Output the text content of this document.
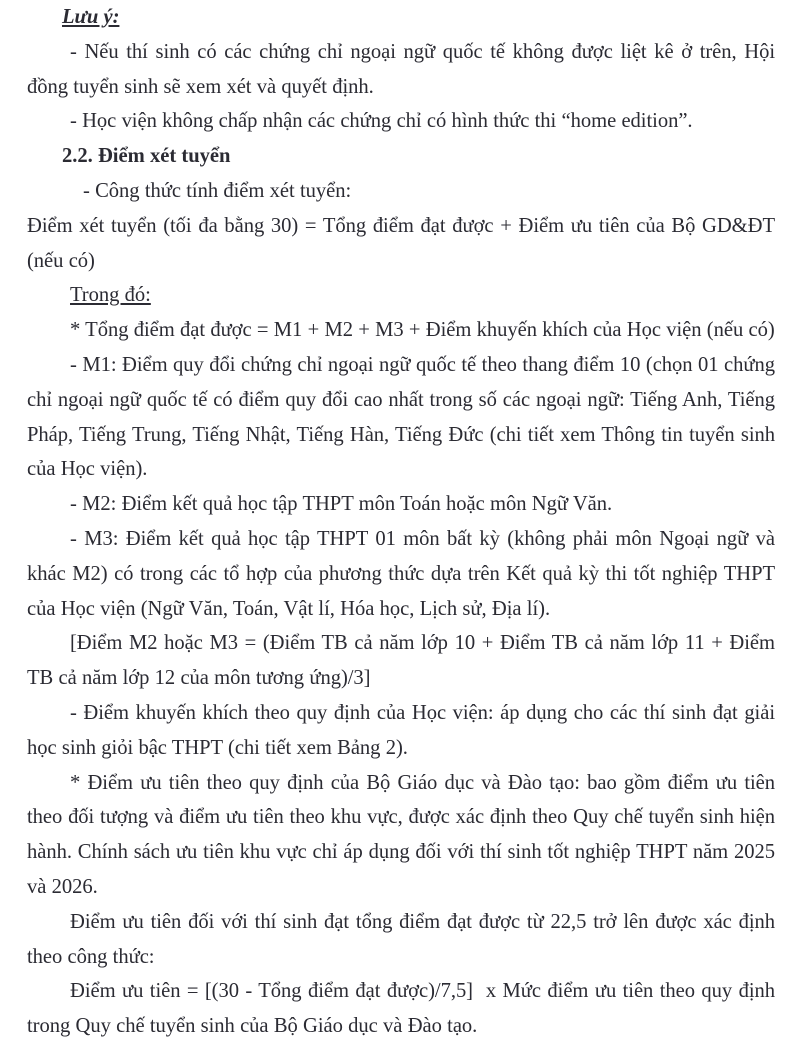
Lưu ý:

- Nếu thí sinh có các chứng chỉ ngoại ngữ quốc tế không được liệt kê ở trên, Hội đồng tuyển sinh sẽ xem xét và quyết định.

- Học viện không chấp nhận các chứng chỉ có hình thức thi “home edition”.

2.2. Điểm xét tuyển

- Công thức tính điểm xét tuyển:

Điểm xét tuyển (tối đa bằng 30) = Tổng điểm đạt được + Điểm ưu tiên của Bộ GD&ĐT (nếu có)

Trong đó:

* Tổng điểm đạt được = M1 + M2 + M3 + Điểm khuyến khích của Học viện (nếu có)

- M1: Điểm quy đổi chứng chỉ ngoại ngữ quốc tế theo thang điểm 10 (chọn 01 chứng chỉ ngoại ngữ quốc tế có điểm quy đổi cao nhất trong số các ngoại ngữ: Tiếng Anh, Tiếng Pháp, Tiếng Trung, Tiếng Nhật, Tiếng Hàn, Tiếng Đức (chi tiết xem Thông tin tuyển sinh của Học viện).

- M2: Điểm kết quả học tập THPT môn Toán hoặc môn Ngữ Văn.

- M3: Điểm kết quả học tập THPT 01 môn bất kỳ (không phải môn Ngoại ngữ và khác M2) có trong các tổ hợp của phương thức dựa trên Kết quả kỳ thi tốt nghiệp THPT của Học viện (Ngữ Văn, Toán, Vật lí, Hóa học, Lịch sử, Địa lí).

[Điểm M2 hoặc M3 = (Điểm TB cả năm lớp 10 + Điểm TB cả năm lớp 11 + Điểm TB cả năm lớp 12 của môn tương ứng)/3]

- Điểm khuyến khích theo quy định của Học viện: áp dụng cho các thí sinh đạt giải học sinh giỏi bậc THPT (chi tiết xem Bảng 2).

* Điểm ưu tiên theo quy định của Bộ Giáo dục và Đào tạo: bao gồm điểm ưu tiên theo đối tượng và điểm ưu tiên theo khu vực, được xác định theo Quy chế tuyển sinh hiện hành. Chính sách ưu tiên khu vực chỉ áp dụng đối với thí sinh tốt nghiệp THPT năm 2025 và 2026.

Điểm ưu tiên đối với thí sinh đạt tổng điểm đạt được từ 22,5 trở lên được xác định theo công thức:

Điểm ưu tiên = [(30 - Tổng điểm đạt được)/7,5]  x Mức điểm ưu tiên theo quy định trong Quy chế tuyển sinh của Bộ Giáo dục và Đào tạo.
